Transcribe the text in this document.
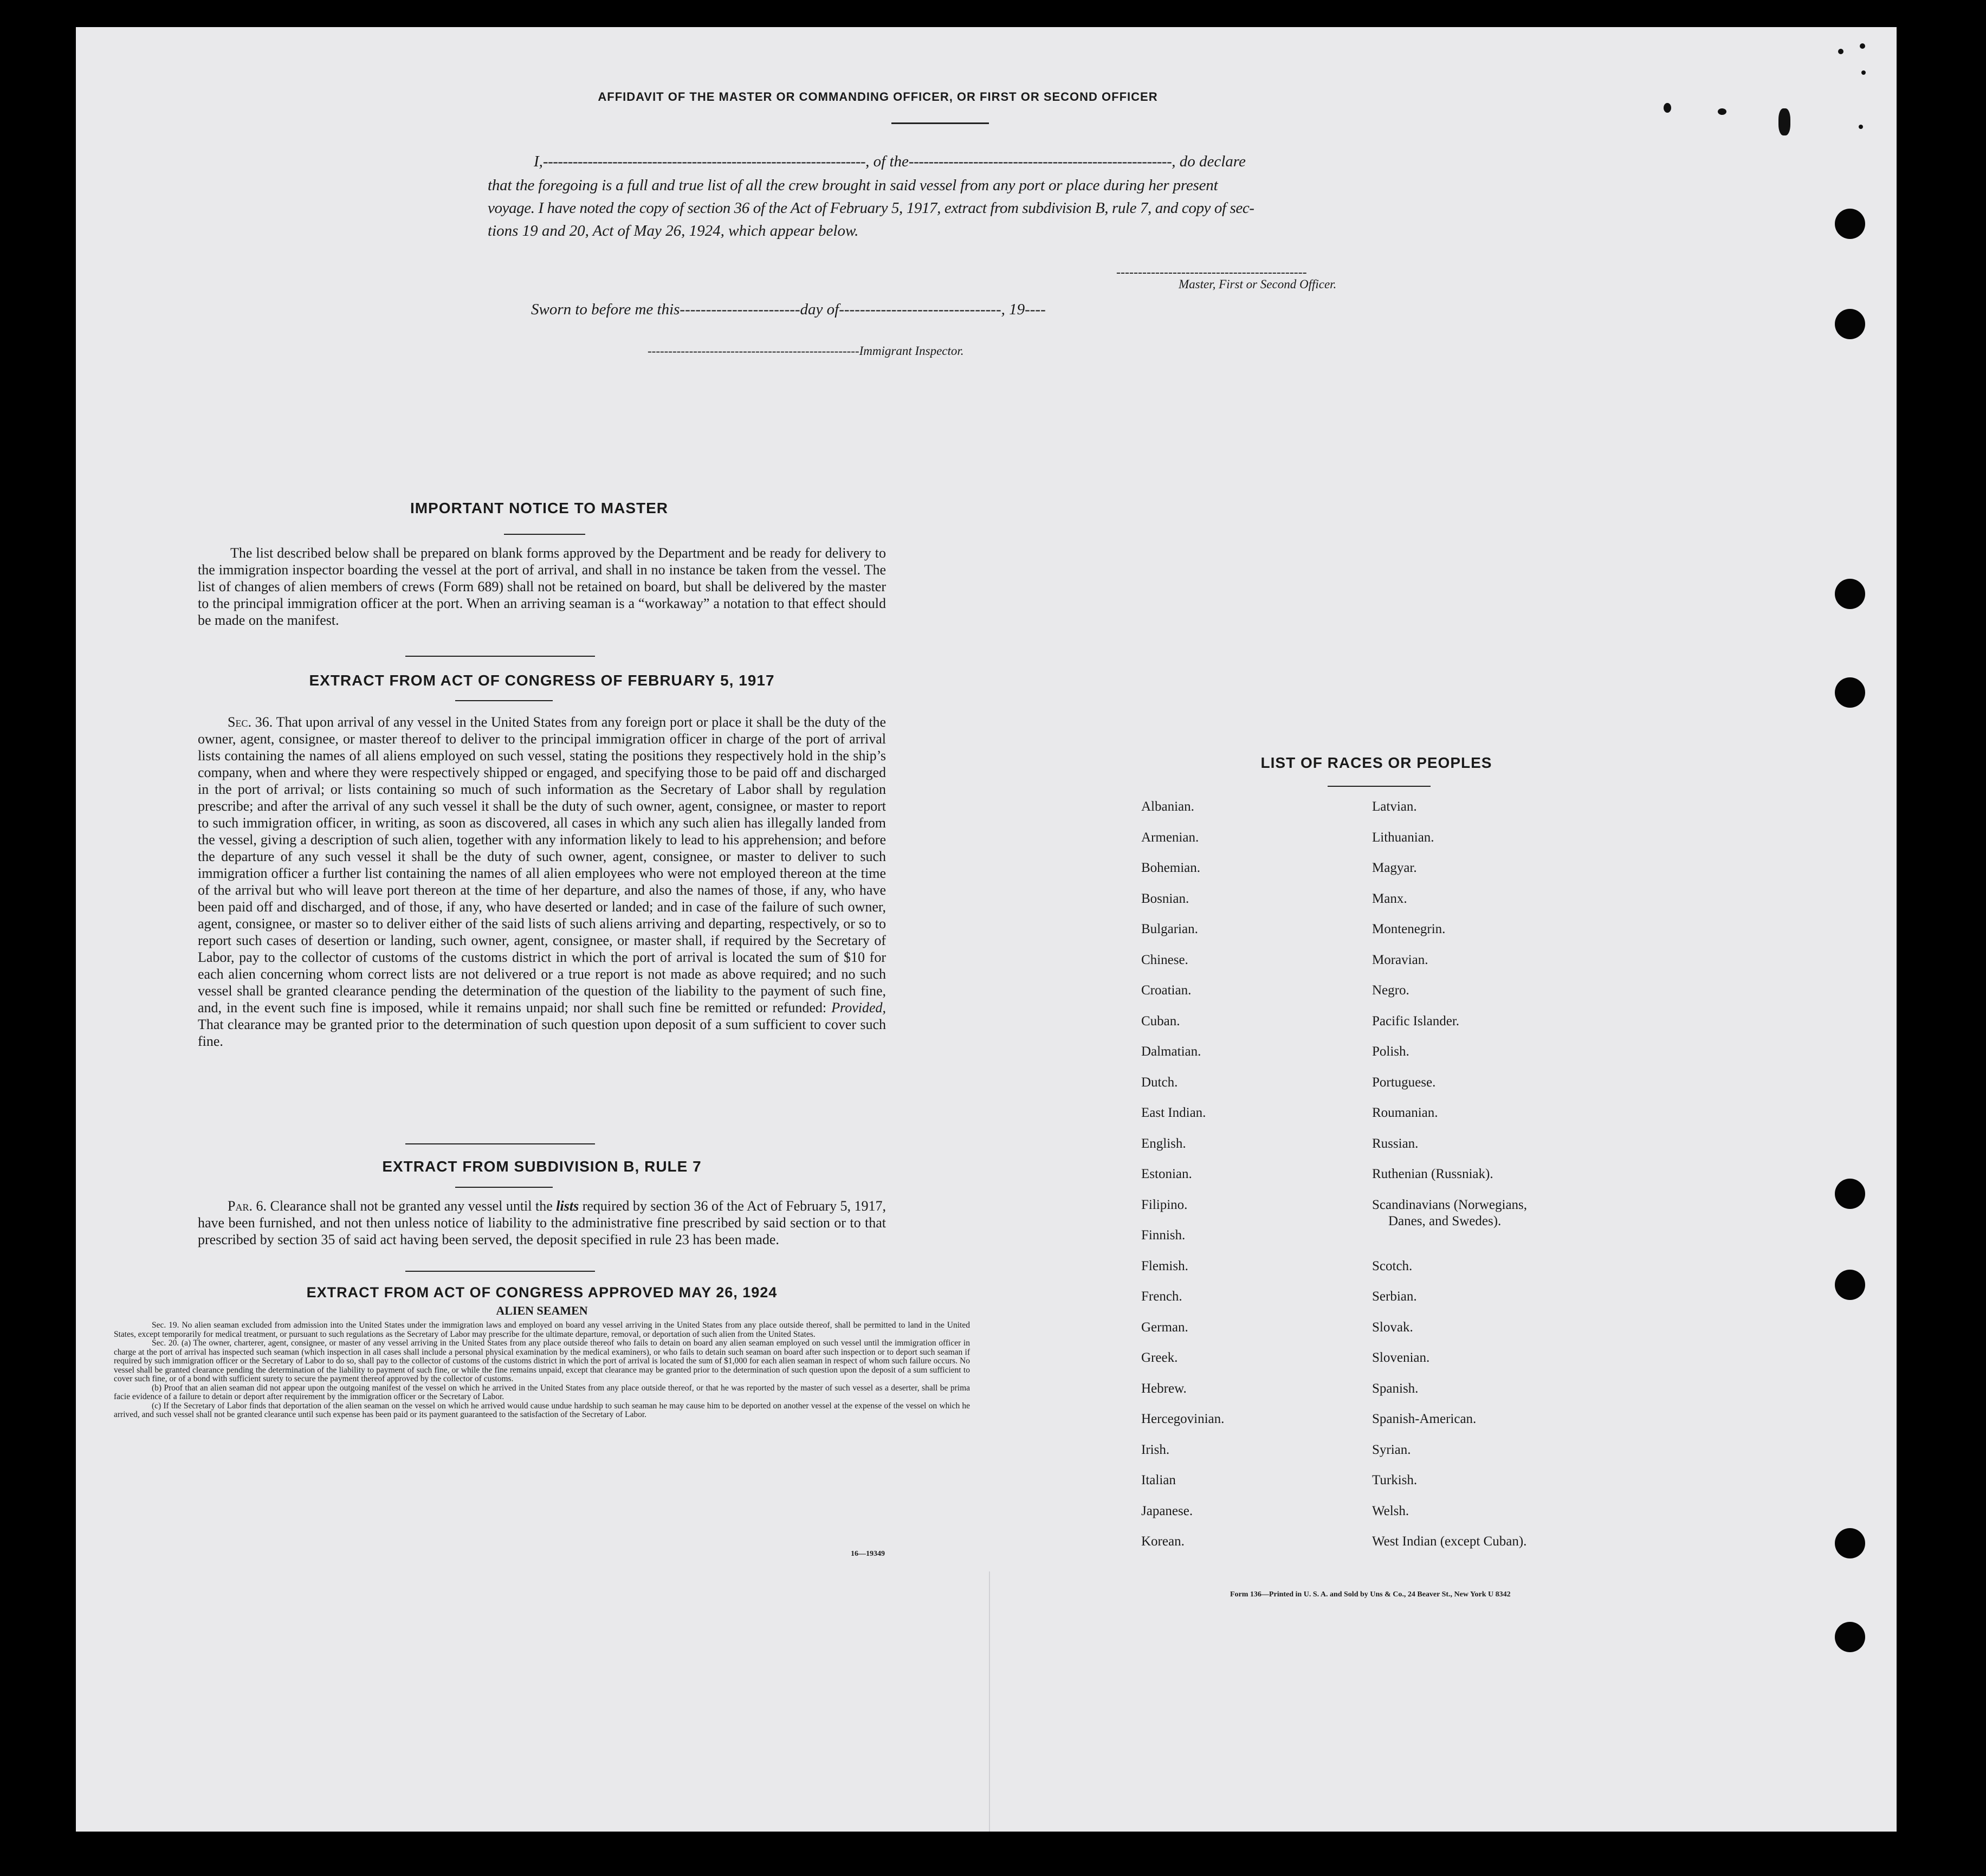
AFFIDAVIT OF THE MASTER OR COMMANDING OFFICER, OR FIRST OR SECOND OFFICER
I,-----------------------------------------------------------------, of the-----------------------------------------------------, do declare
that the foregoing is a full and true list of all the crew brought in said vessel from any port or place during her present
voyage. I have noted the copy of section 36 of the Act of February 5, 1917, extract from subdivision B, rule 7, and copy of sec-
tions 19 and 20, Act of May 26, 1924, which appear below.
--------------------------------------------
Master, First or Second Officer.
Sworn to before me this-----------------------day of-------------------------------, 19----
---------------------------------------------------Immigrant Inspector.
IMPORTANT NOTICE TO MASTER
The list described below shall be prepared on blank forms approved by the Department and be ready for delivery to the immigration inspector boarding the vessel at the port of arrival, and shall in no instance be taken from the vessel. The list of changes of alien members of crews (Form 689) shall not be retained on board, but shall be delivered by the master to the principal immigration officer at the port. When an arriving seaman is a “workaway” a notation to that effect should be made on the manifest.
EXTRACT FROM ACT OF CONGRESS OF FEBRUARY 5, 1917
Sec. 36. That upon arrival of any vessel in the United States from any foreign port or place it shall be the duty of the owner, agent, consignee, or master thereof to deliver to the principal immigration officer in charge of the port of arrival lists containing the names of all aliens employed on such vessel, stating the positions they respectively hold in the ship’s company, when and where they were respectively shipped or engaged, and specifying those to be paid off and discharged in the port of arrival; or lists containing so much of such information as the Secretary of Labor shall by regulation prescribe; and after the arrival of any such vessel it shall be the duty of such owner, agent, consignee, or master to report to such immigration officer, in writing, as soon as discovered, all cases in which any such alien has illegally landed from the vessel, giving a description of such alien, together with any information likely to lead to his apprehension; and before the departure of any such vessel it shall be the duty of such owner, agent, consignee, or master to deliver to such immigration officer a further list containing the names of all alien employees who were not employed thereon at the time of the arrival but who will leave port thereon at the time of her departure, and also the names of those, if any, who have been paid off and discharged, and of those, if any, who have deserted or landed; and in case of the failure of such owner, agent, consignee, or master so to deliver either of the said lists of such aliens arriving and departing, respectively, or so to report such cases of desertion or landing, such owner, agent, consignee, or master shall, if required by the Secretary of Labor, pay to the collector of customs of the customs district in which the port of arrival is located the sum of $10 for each alien concerning whom correct lists are not delivered or a true report is not made as above required; and no such vessel shall be granted clearance pending the determination of the question of the liability to the payment of such fine, and, in the event such fine is imposed, while it remains unpaid; nor shall such fine be remitted or refunded: Provided, That clearance may be granted prior to the determination of such question upon deposit of a sum sufficient to cover such fine.
EXTRACT FROM SUBDIVISION B, RULE 7
Par. 6. Clearance shall not be granted any vessel until the lists required by section 36 of the Act of February 5, 1917, have been furnished, and not then unless notice of liability to the administrative fine prescribed by said section or to that prescribed by section 35 of said act having been served, the deposit specified in rule 23 has been made.
EXTRACT FROM ACT OF CONGRESS APPROVED MAY 26, 1924
ALIEN SEAMEN
Sec. 19. No alien seaman excluded from admission into the United States under the immigration laws and employed on board any vessel arriving in the United States from any place outside thereof, shall be permitted to land in the United States, except temporarily for medical treatment, or pursuant to such regulations as the Secretary of Labor may prescribe for the ultimate departure, removal, or deportation of such alien from the United States.
Sec. 20. (a) The owner, charterer, agent, consignee, or master of any vessel arriving in the United States from any place outside thereof who fails to detain on board any alien seaman employed on such vessel until the immigration officer in charge at the port of arrival has inspected such seaman (which inspection in all cases shall include a personal physical examination by the medical examiners), or who fails to detain such seaman on board after such inspection or to deport such seaman if required by such immigration officer or the Secretary of Labor to do so, shall pay to the collector of customs of the customs district in which the port of arrival is located the sum of $1,000 for each alien seaman in respect of whom such failure occurs. No vessel shall be granted clearance pending the determination of the liability to payment of such fine, or while the fine remains unpaid, except that clearance may be granted prior to the determination of such question upon the deposit of a sum sufficient to cover such fine, or of a bond with sufficient surety to secure the payment thereof approved by the collector of customs.
(b) Proof that an alien seaman did not appear upon the outgoing manifest of the vessel on which he arrived in the United States from any place outside thereof, or that he was reported by the master of such vessel as a deserter, shall be prima facie evidence of a failure to detain or deport after requirement by the immigration officer or the Secretary of Labor.
(c) If the Secretary of Labor finds that deportation of the alien seaman on the vessel on which he arrived would cause undue hardship to such seaman he may cause him to be deported on another vessel at the expense of the vessel on which he arrived, and such vessel shall not be granted clearance until such expense has been paid or its payment guaranteed to the satisfaction of the Secretary of Labor.
16—19349
LIST OF RACES OR PEOPLES
Albanian.
Armenian.
Bohemian.
Bosnian.
Bulgarian.
Chinese.
Croatian.
Cuban.
Dalmatian.
Dutch.
East Indian.
English.
Estonian.
Filipino.
Finnish.
Flemish.
French.
German.
Greek.
Hebrew.
Hercegovinian.
Irish.
Italian
Japanese.
Korean.
Latvian.
Lithuanian.
Magyar.
Manx.
Montenegrin.
Moravian.
Negro.
Pacific Islander.
Polish.
Portuguese.
Roumanian.
Russian.
Ruthenian (Russniak).
Scandinavians (Norwegians,
Danes, and Swedes).
Scotch.
Serbian.
Slovak.
Slovenian.
Spanish.
Spanish-American.
Syrian.
Turkish.
Welsh.
West Indian (except Cuban).
Form 136—Printed in U. S. A. and Sold by Uns & Co., 24 Beaver St., New York U 8342
